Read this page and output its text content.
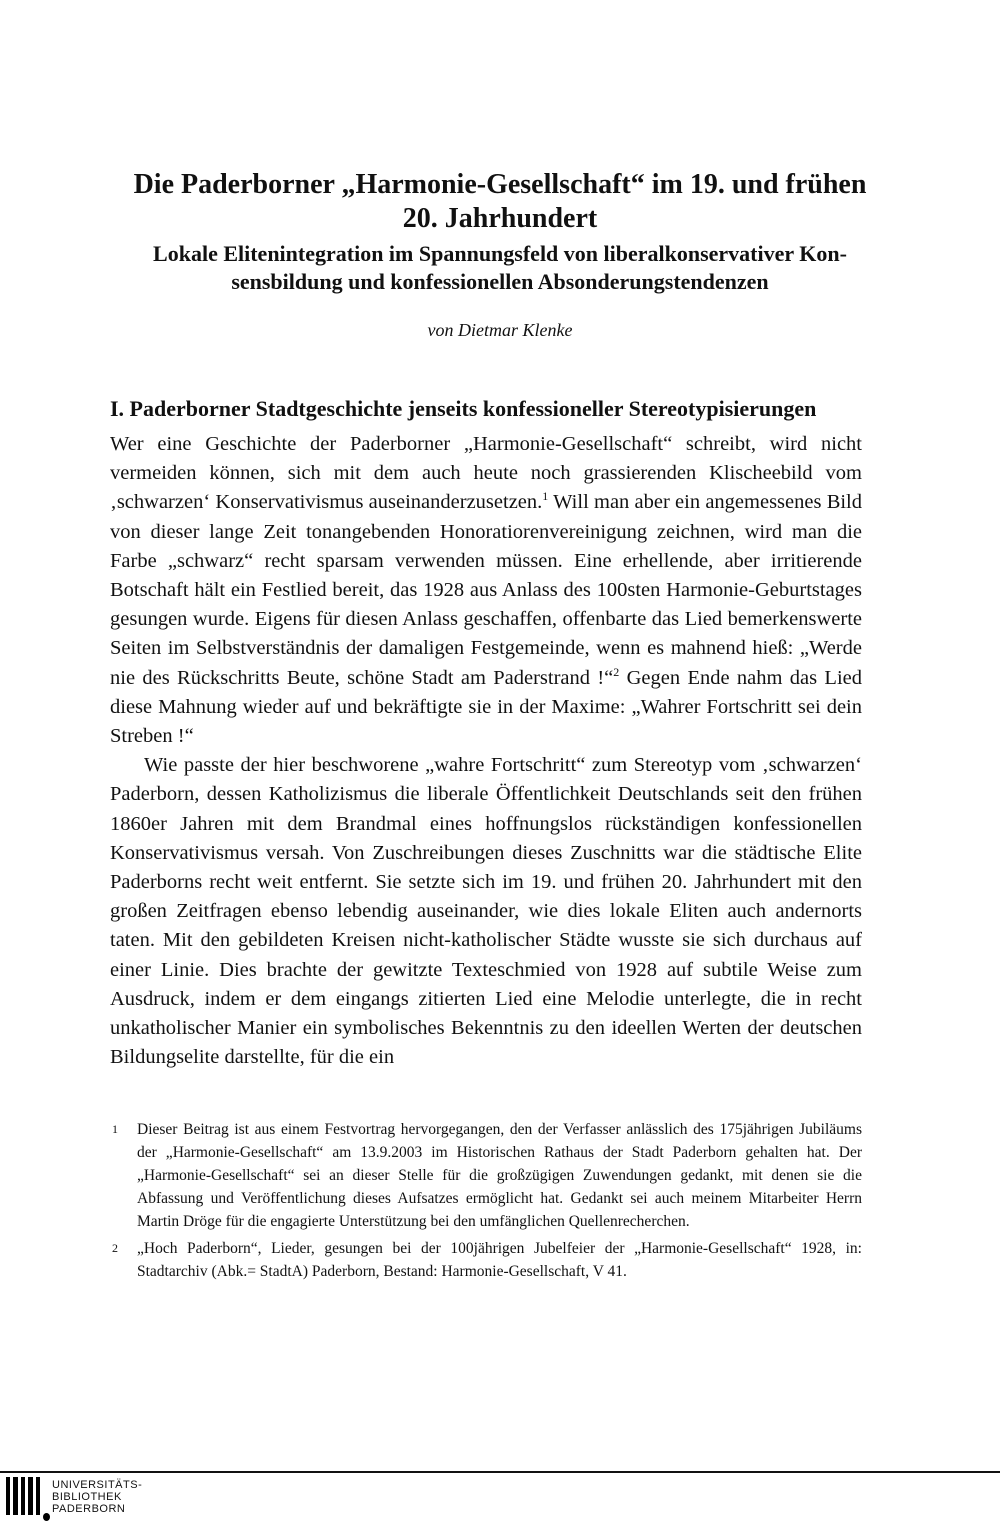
Die Paderborner „Harmonie-Gesellschaft“ im 19. und frühen
20. Jahrhundert
Lokale Elitenintegration im Spannungsfeld von liberalkonservativer Kon-
sensbildung und konfessionellen Absonderungstendenzen
von Dietmar Klenke
I. Paderborner Stadtgeschichte jenseits konfessioneller Stereotypisierungen

Wer eine Geschichte der Paderborner „Harmonie-Gesellschaft“ schreibt, wird nicht vermeiden können, sich mit dem auch heute noch grassierenden Klischeebild vom ‚schwarzen‘ Konservativismus auseinanderzusetzen.$^1$ Will man aber ein angemessenes Bild von dieser lange Zeit tonangebenden Honoratiorenvereinigung zeichnen, wird man die Farbe „schwarz“ recht sparsam verwenden müssen. Eine erhellende, aber irritierende Botschaft hält ein Festlied bereit, das 1928 aus Anlass des 100sten Harmonie-Geburtstages gesungen wurde. Eigens für diesen Anlass geschaffen, offenbarte das Lied bemerkenswerte Seiten im Selbstverständnis der damaligen Festgemeinde, wenn es mahnend hieß: „Werde nie des Rückschritts Beute, schöne Stadt am Paderstrand !“$^2$ Gegen Ende nahm das Lied diese Mahnung wieder auf und bekräftigte sie in der Maxime: „Wahrer Fortschritt sei dein Streben !“

Wie passte der hier beschworene „wahre Fortschritt“ zum Stereotyp vom ‚schwarzen‘ Paderborn, dessen Katholizismus die liberale Öffentlichkeit Deutschlands seit den frühen 1860er Jahren mit dem Brandmal eines hoffnungslos rückständigen konfessionellen Konservativismus versah. Von Zuschreibungen dieses Zuschnitts war die städtische Elite Paderborns recht weit entfernt. Sie setzte sich im 19. und frühen 20. Jahrhundert mit den großen Zeitfragen ebenso lebendig auseinander, wie dies lokale Eliten auch andernorts taten. Mit den gebildeten Kreisen nicht-katholischer Städte wusste sie sich durchaus auf einer Linie. Dies brachte der gewitzte Texteschmied von 1928 auf subtile Weise zum Ausdruck, indem er dem eingangs zitierten Lied eine Melodie unterlegte, die in recht unkatholischer Manier ein symbolisches Bekenntnis zu den ideellen Werten der deutschen Bildungselite darstellte, für die ein

1 Dieser Beitrag ist aus einem Festvortrag hervorgegangen, den der Verfasser anlässlich des 175jährigen Jubiläums der „Harmonie-Gesellschaft“ am 13.9.2003 im Historischen Rathaus der Stadt Paderborn gehalten hat. Der „Harmonie-Gesellschaft“ sei an dieser Stelle für die großzügigen Zuwendungen gedankt, mit denen sie die Abfassung und Veröffentlichung dieses Aufsatzes ermöglicht hat. Gedankt sei auch meinem Mitarbeiter Herrn Martin Dröge für die engagierte Unterstützung bei den umfänglichen Quellenrecherchen.
2 „Hoch Paderborn“, Lieder, gesungen bei der 100jährigen Jubelfeier der „Harmonie-Gesellschaft“ 1928, in: Stadtarchiv (Abk.= StadtA) Paderborn, Bestand: Harmonie-Gesellschaft, V 41.
UNIVERSITÄTS-
BIBLIOTHEK
PADERBORN
